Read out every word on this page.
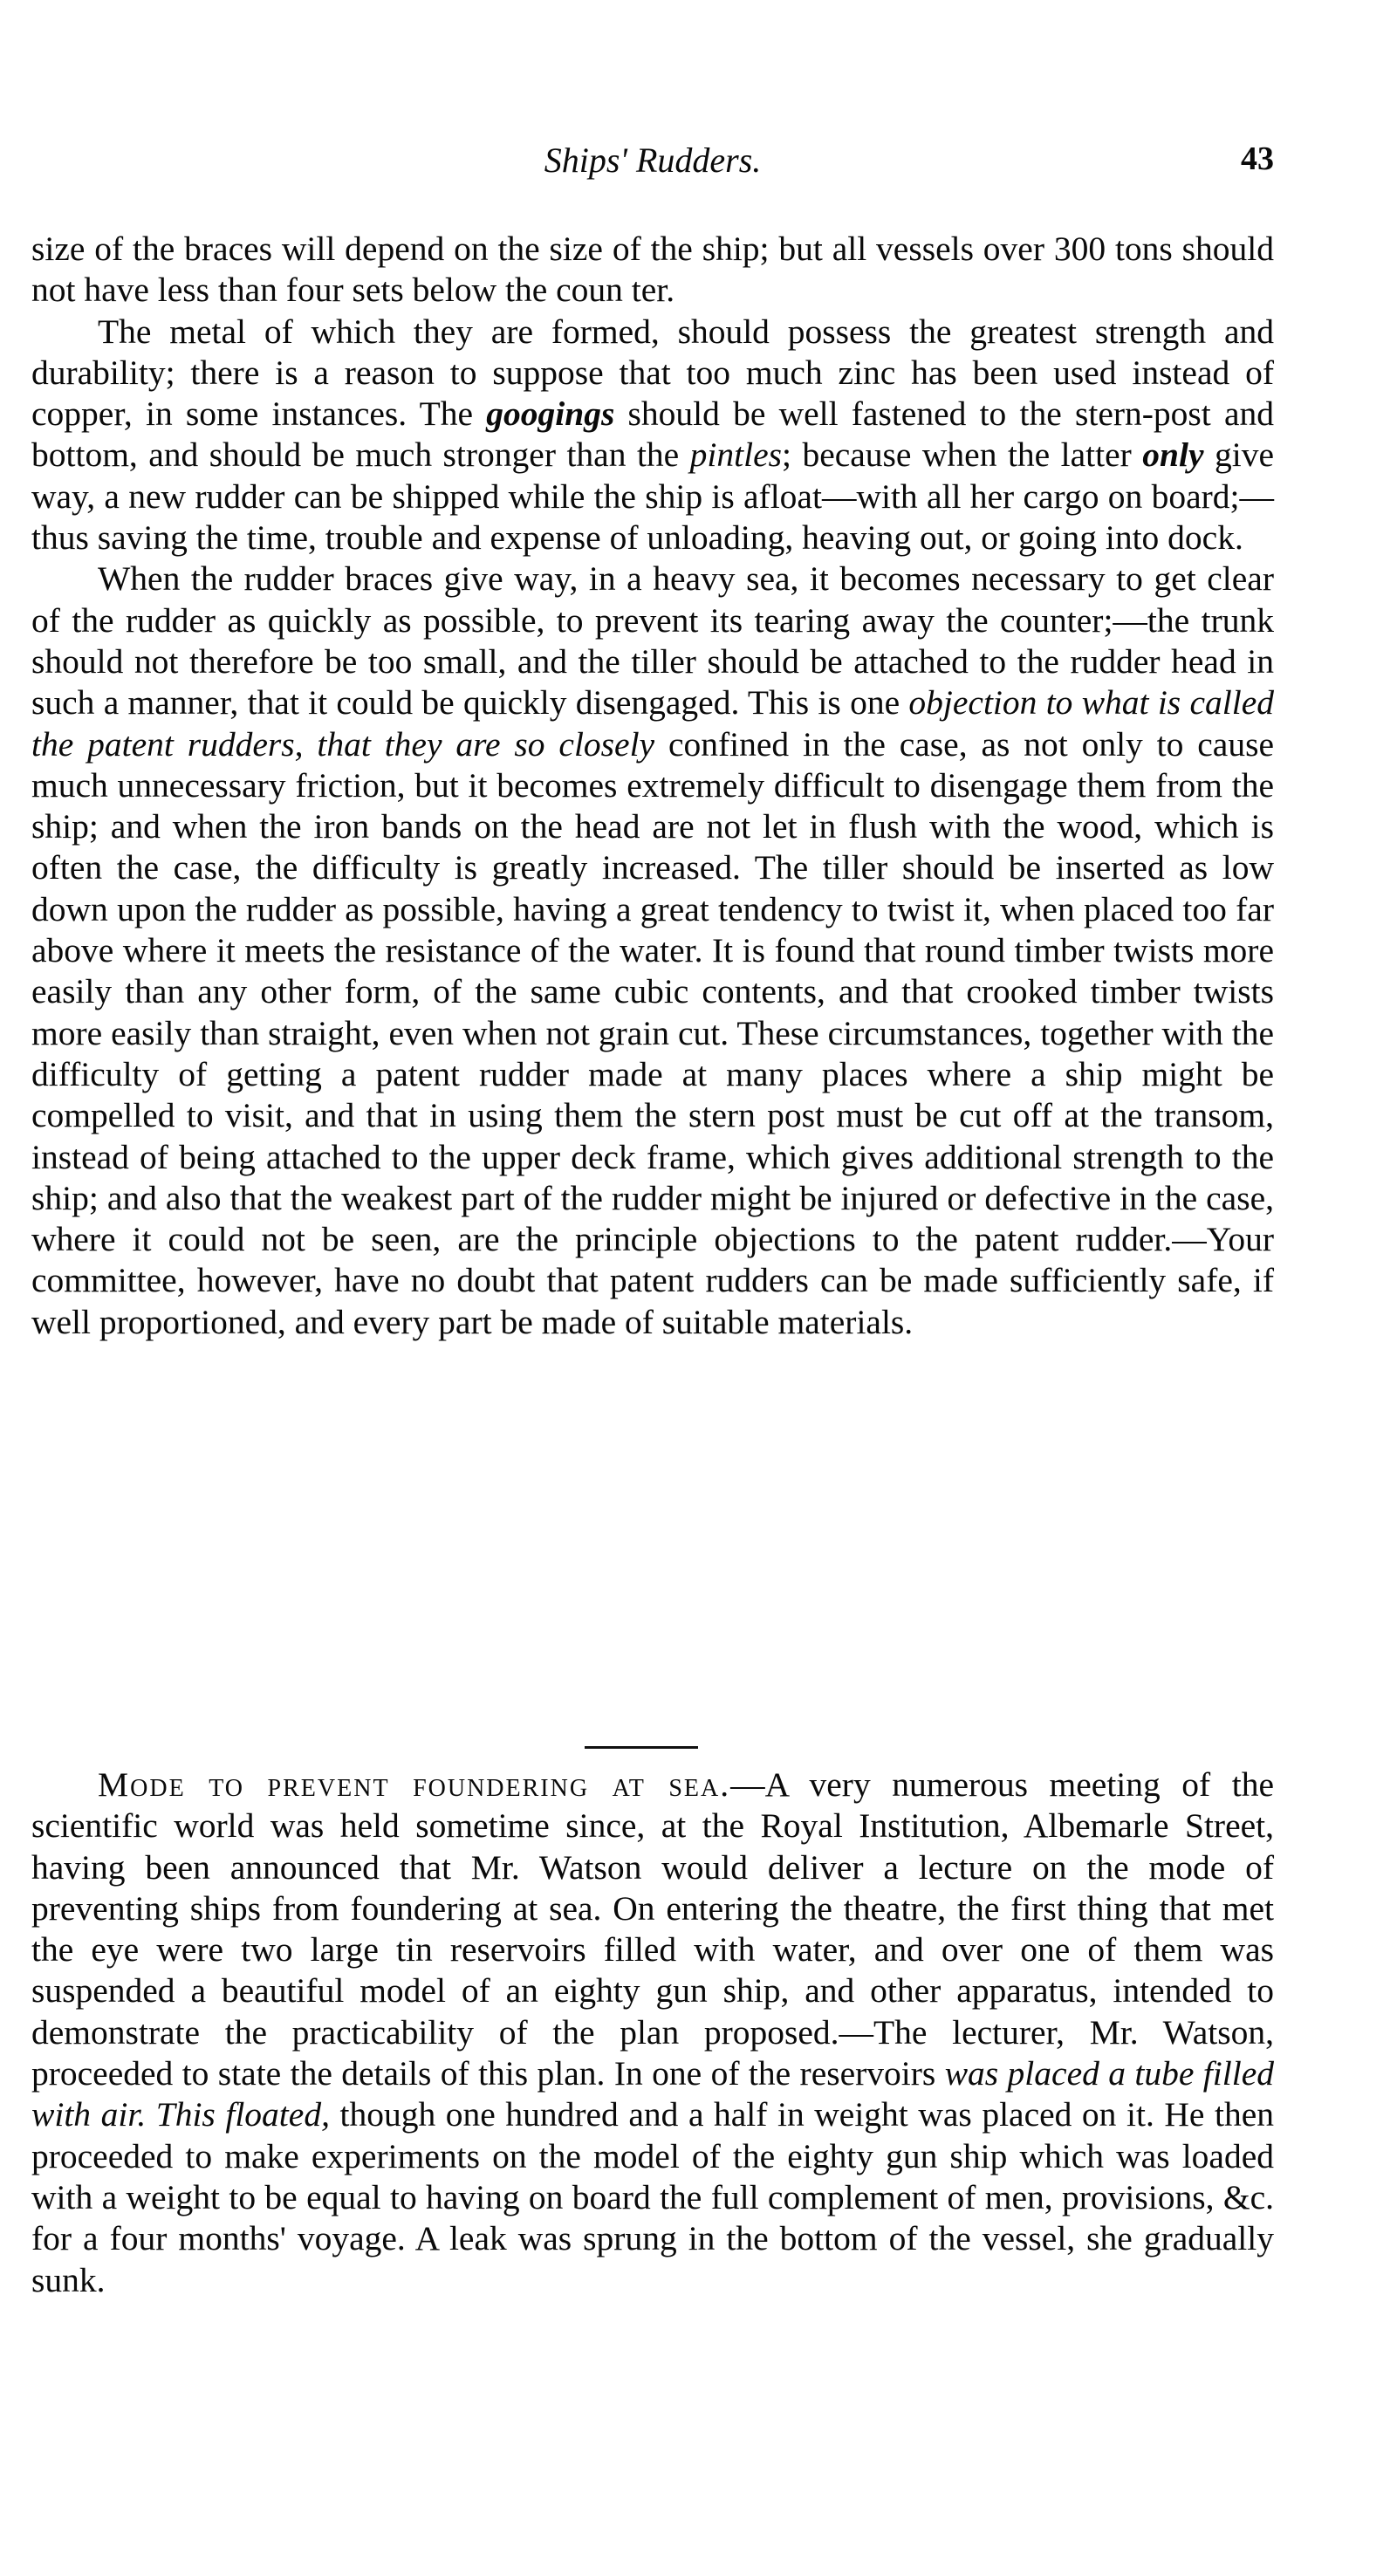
Ships' Rudders.	43

size of the braces will depend on the size of the ship; but all vessels over 300 tons should not have less than four sets below the coun ter.

The metal of which they are formed, should possess the greatest strength and durability; there is a reason to suppose that too much zinc has been used instead of copper, in some instances. The googings should be well fastened to the stern-post and bottom, and should be much stronger than the pintles; because when the latter only give way, a new rudder can be shipped while the ship is afloat—with all her cargo on board;—thus saving the time, trouble and expense of unloading, heaving out, or going into dock.

When the rudder braces give way, in a heavy sea, it becomes necessary to get clear of the rudder as quickly as possible, to prevent its tearing away the counter;—the trunk should not therefore be too small, and the tiller should be attached to the rudder head in such a manner, that it could be quickly disengaged. This is one objection to what is called the patent rudders, that they are so closely confined in the case, as not only to cause much unnecessary friction, but it becomes extremely difficult to disengage them from the ship; and when the iron bands on the head are not let in flush with the wood, which is often the case, the difficulty is greatly increased. The tiller should be inserted as low down upon the rudder as possible, having a great tendency to twist it, when placed too far above where it meets the resistance of the water. It is found that round timber twists more easily than any other form, of the same cubic contents, and that crooked timber twists more easily than straight, even when not grain cut. These circumstances, together with the difficulty of getting a patent rudder made at many places where a ship might be compelled to visit, and that in using them the stern post must be cut off at the transom, instead of being attached to the upper deck frame, which gives additional strength to the ship; and also that the weakest part of the rudder might be injured or defective in the case, where it could not be seen, are the principle objections to the patent rudder.—Your committee, however, have no doubt that patent rudders can be made sufficiently safe, if well proportioned, and every part be made of suitable materials.

Mode to prevent foundering at sea.—A very numerous meeting of the scientific world was held sometime since, at the Royal Institution, Albemarle Street, having been announced that Mr. Watson would deliver a lecture on the mode of preventing ships from foundering at sea. On entering the theatre, the first thing that met the eye were two large tin reservoirs filled with water, and over one of them was suspended a beautiful model of an eighty gun ship, and other apparatus, intended to demonstrate the practicability of the plan proposed.—The lecturer, Mr. Watson, proceeded to state the details of this plan. In one of the reservoirs was placed a tube filled with air. This floated, though one hundred and a half in weight was placed on it. He then proceeded to make experiments on the model of the eighty gun ship which was loaded with a weight to be equal to having on board the full complement of men, provisions, &c. for a four months' voyage. A leak was sprung in the bottom of the vessel, she gradually sunk.
